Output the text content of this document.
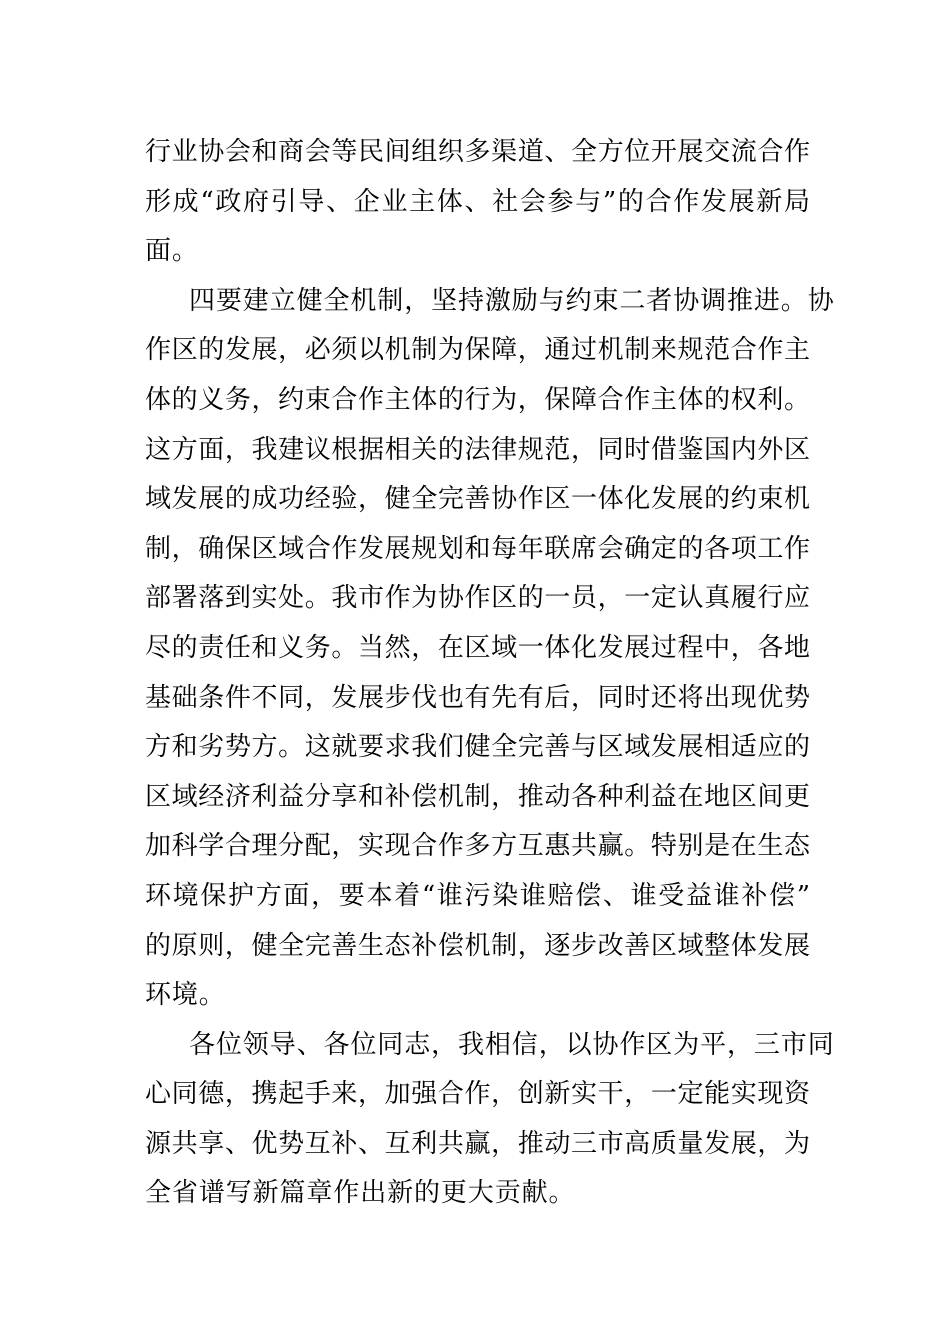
行业协会和商会等民间组织多渠道、全方位开展交流合作
形成“政府引导、企业主体、社会参与”的合作发展新局
面。
四要建立健全机制，坚持激励与约束二者协调推进。协
作区的发展，必须以机制为保障，通过机制来规范合作主
体的义务，约束合作主体的行为，保障合作主体的权利。
这方面，我建议根据相关的法律规范，同时借鉴国内外区
域发展的成功经验，健全完善协作区一体化发展的约束机
制，确保区域合作发展规划和每年联席会确定的各项工作
部署落到实处。我市作为协作区的一员，一定认真履行应
尽的责任和义务。当然，在区域一体化发展过程中，各地
基础条件不同，发展步伐也有先有后，同时还将出现优势
方和劣势方。这就要求我们健全完善与区域发展相适应的
区域经济利益分享和补偿机制，推动各种利益在地区间更
加科学合理分配，实现合作多方互惠共赢。特别是在生态
环境保护方面，要本着“谁污染谁赔偿、谁受益谁补偿”
的原则，健全完善生态补偿机制，逐步改善区域整体发展
环境。
各位领导、各位同志，我相信，以协作区为平，三市同
心同德，携起手来，加强合作，创新实干，一定能实现资
源共享、优势互补、互利共赢，推动三市高质量发展，为
全省谱写新篇章作出新的更大贡献。
